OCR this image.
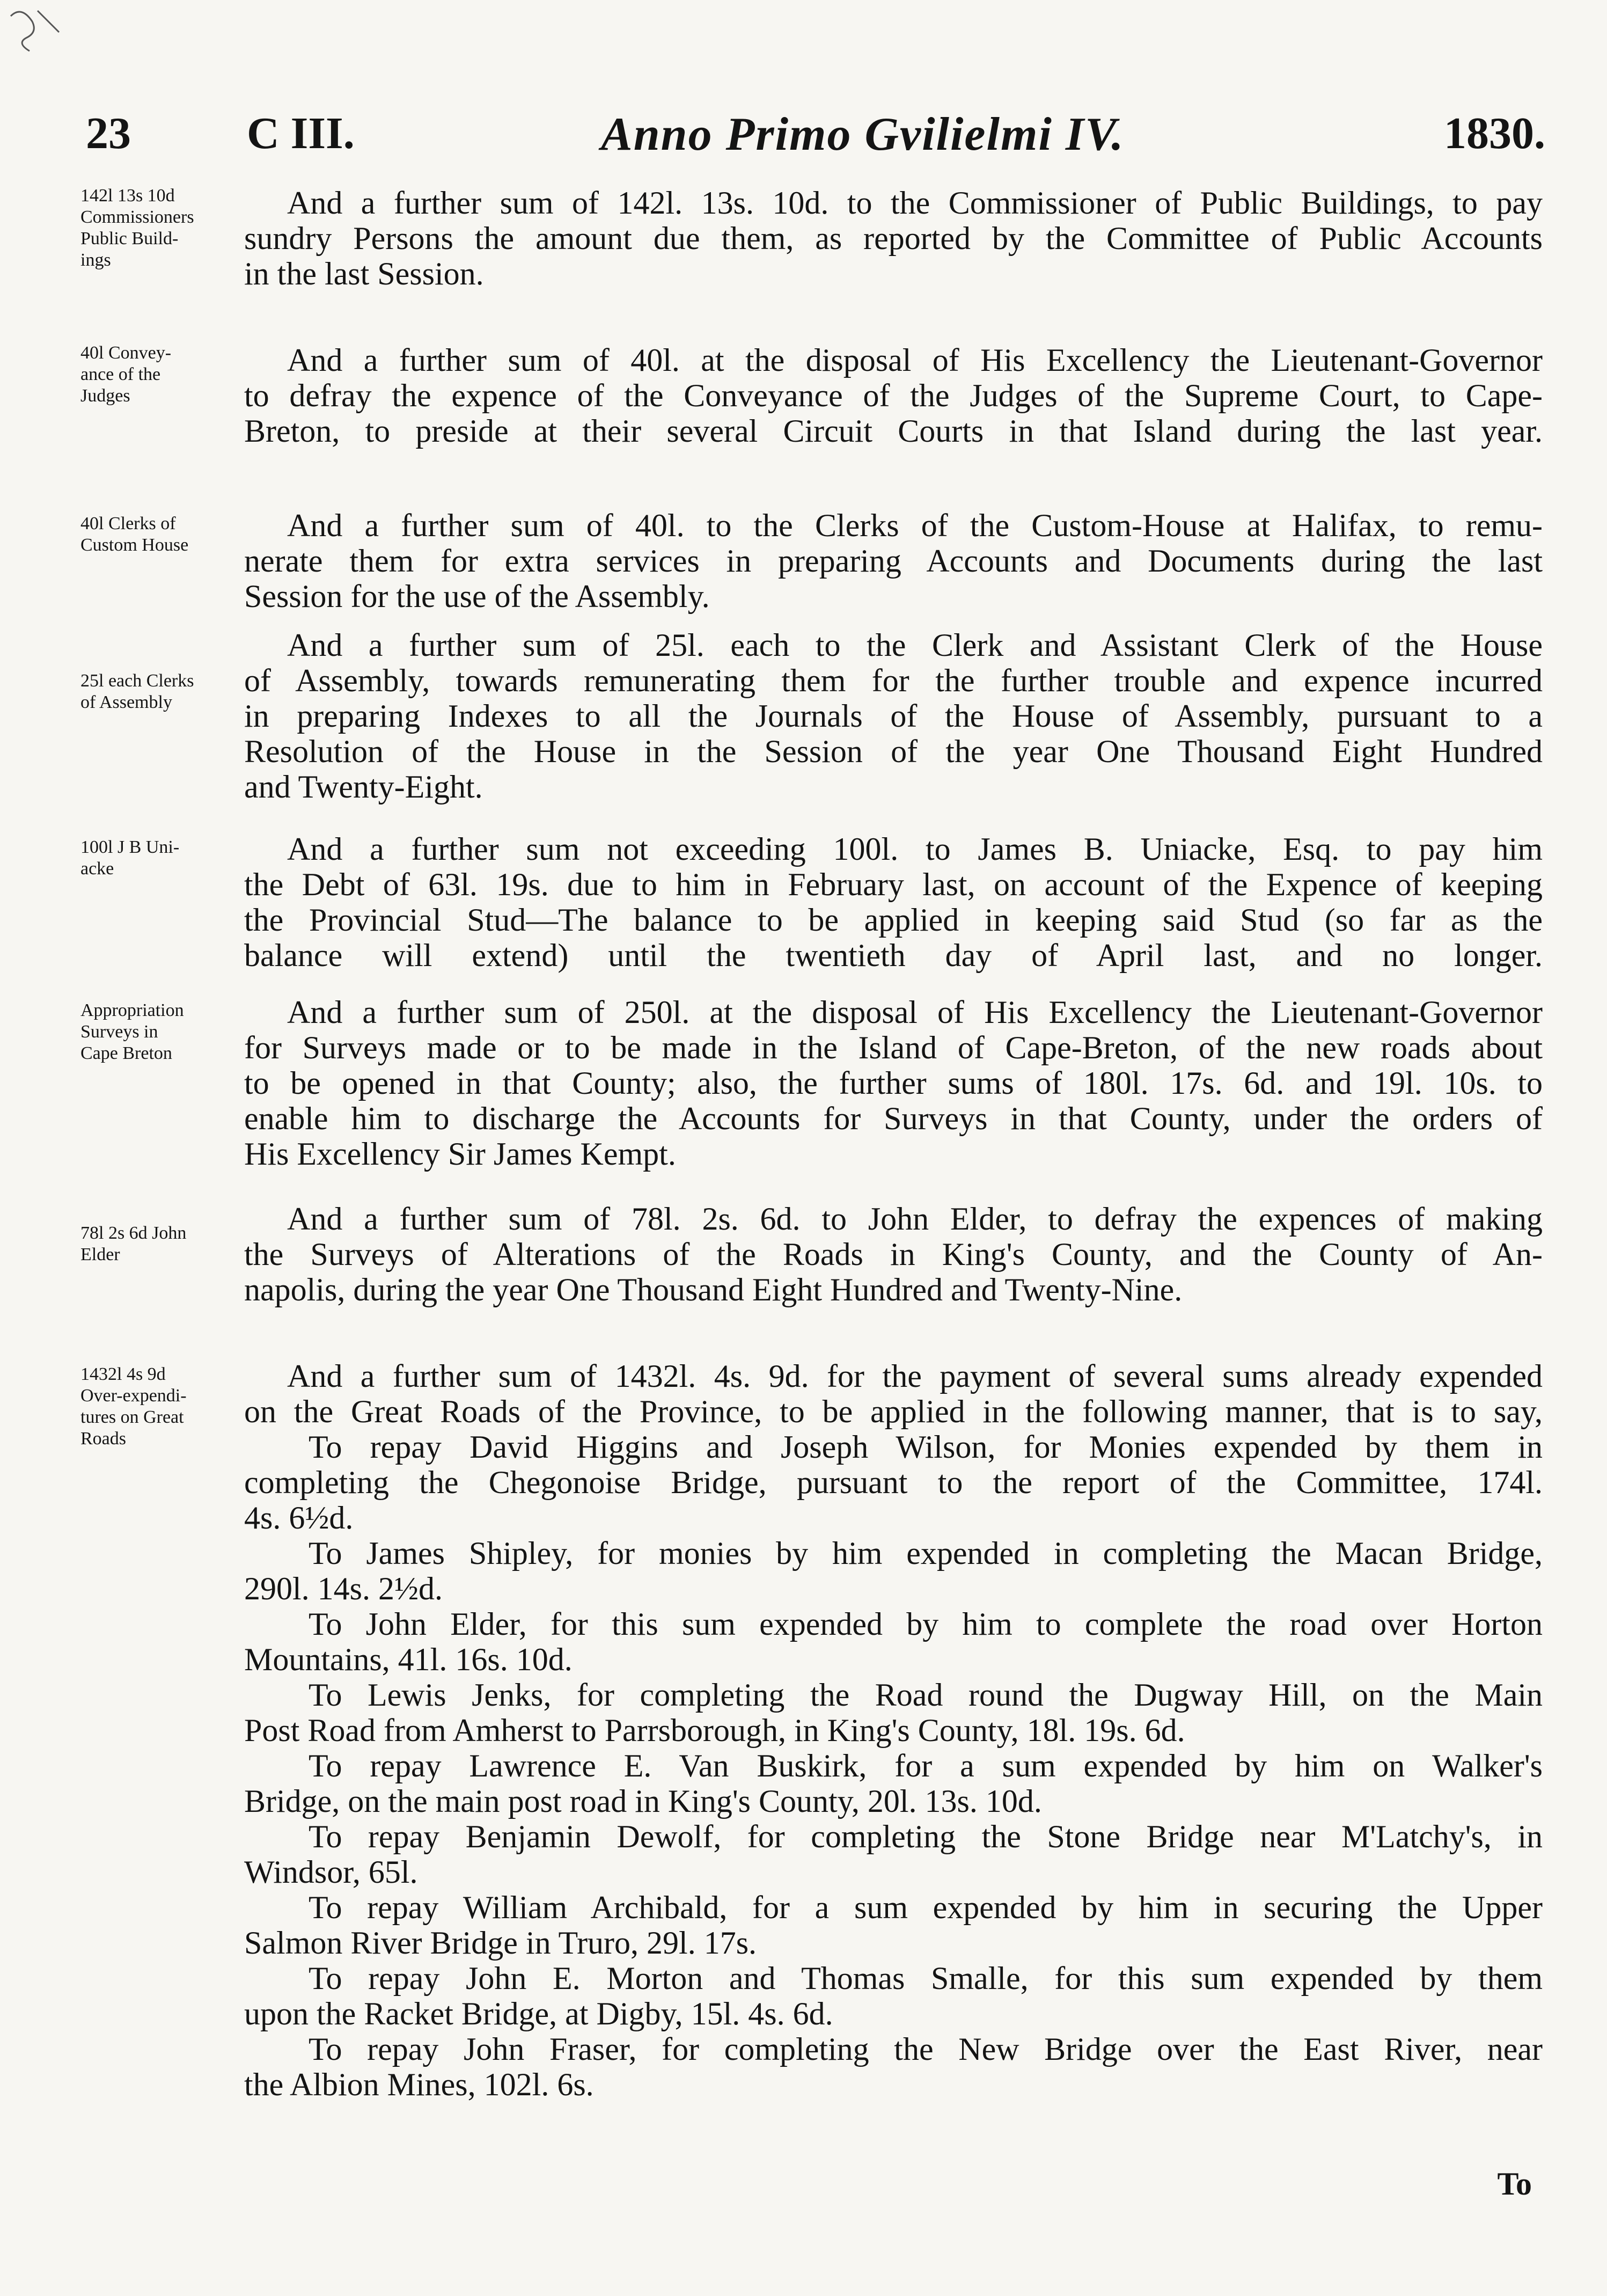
23	C III.	Anno Primo Gvilielmi IV.	1830.
142l 13s 10d
Commissioners
Public Build-
ings
And a further sum of 142l. 13s. 10d. to the Commissioner of Public Buildings, to pay
sundry Persons the amount due them, as reported by the Committee of Public Accounts
in the last Session.
40l Convey-
ance of the
Judges
And a further sum of 40l. at the disposal of His Excellency the Lieutenant-Governor
to defray the expence of the Conveyance of the Judges of the Supreme Court, to Cape-
Breton, to preside at their several Circuit Courts in that Island during the last year.
40l Clerks of
Custom House
And a further sum of 40l. to the Clerks of the Custom-House at Halifax, to remu-
nerate them for extra services in preparing Accounts and Documents during the last
Session for the use of the Assembly.
25l each Clerks
of Assembly
And a further sum of 25l. each to the Clerk and Assistant Clerk of the House
of Assembly, towards remunerating them for the further trouble and expence incurred
in preparing Indexes to all the Journals of the House of Assembly, pursuant to a
Resolution of the House in the Session of the year One Thousand Eight Hundred
and Twenty-Eight.
100l J B Uni-
acke
And a further sum not exceeding 100l. to James B. Uniacke, Esq. to pay him
the Debt of 63l. 19s. due to him in February last, on account of the Expence of keeping
the Provincial Stud—The balance to be applied in keeping said Stud (so far as the
balance will extend) until the twentieth day of April last, and no longer.
Appropriation
Surveys in
Cape Breton
And a further sum of 250l. at the disposal of His Excellency the Lieutenant-Governor
for Surveys made or to be made in the Island of Cape-Breton, of the new roads about
to be opened in that County; also, the further sums of 180l. 17s. 6d. and 19l. 10s. to
enable him to discharge the Accounts for Surveys in that County, under the orders of
His Excellency Sir James Kempt.
78l 2s 6d John
Elder
And a further sum of 78l. 2s. 6d. to John Elder, to defray the expences of making
the Surveys of Alterations of the Roads in King's County, and the County of An-
napolis, during the year One Thousand Eight Hundred and Twenty-Nine.
1432l 4s 9d
Over-expendi-
tures on Great
Roads
And a further sum of 1432l. 4s. 9d. for the payment of several sums already expended
on the Great Roads of the Province, to be applied in the following manner, that is to say,
To repay David Higgins and Joseph Wilson, for Monies expended by them in
completing the Chegonoise Bridge, pursuant to the report of the Committee, 174l.
4s. 6½d.
To James Shipley, for monies by him expended in completing the Macan Bridge,
290l. 14s. 2½d.
To John Elder, for this sum expended by him to complete the road over Horton
Mountains, 41l. 16s. 10d.
To Lewis Jenks, for completing the Road round the Dugway Hill, on the Main
Post Road from Amherst to Parrsborough, in King's County, 18l. 19s. 6d.
To repay Lawrence E. Van Buskirk, for a sum expended by him on Walker's
Bridge, on the main post road in King's County, 20l. 13s. 10d.
To repay Benjamin Dewolf, for completing the Stone Bridge near M'Latchy's, in
Windsor, 65l.
To repay William Archibald, for a sum expended by him in securing the Upper
Salmon River Bridge in Truro, 29l. 17s.
To repay John E. Morton and Thomas Smalle, for this sum expended by them
upon the Racket Bridge, at Digby, 15l. 4s. 6d.
To repay John Fraser, for completing the New Bridge over the East River, near
the Albion Mines, 102l. 6s.
To
